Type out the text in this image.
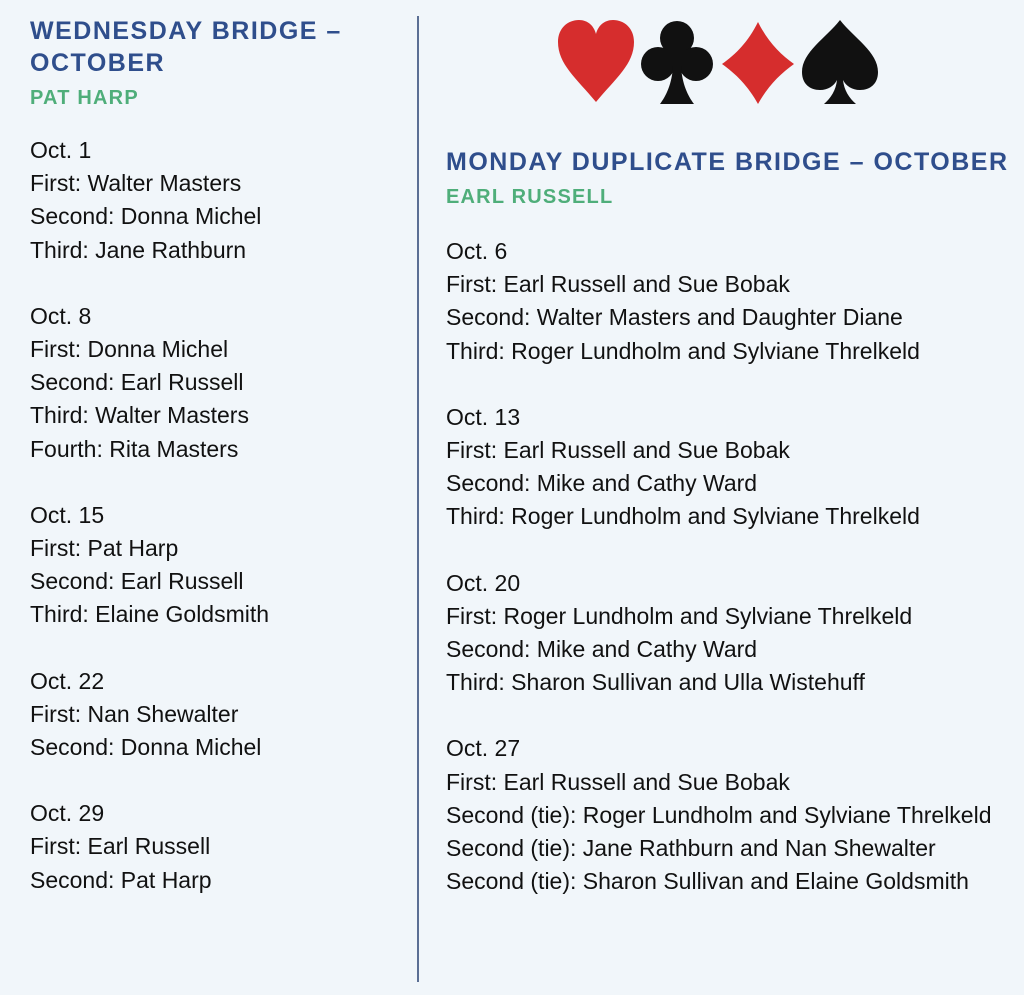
WEDNESDAY BRIDGE – OCTOBER
PAT HARP
Oct. 1
First: Walter Masters
Second: Donna Michel
Third: Jane Rathburn
Oct. 8
First: Donna Michel
Second: Earl Russell
Third: Walter Masters
Fourth: Rita Masters
Oct. 15
First: Pat Harp
Second: Earl Russell
Third: Elaine Goldsmith
Oct. 22
First: Nan Shewalter
Second: Donna Michel
Oct. 29
First: Earl Russell
Second: Pat Harp
MONDAY DUPLICATE BRIDGE – OCTOBER
EARL RUSSELL
Oct. 6
First: Earl Russell and Sue Bobak
Second: Walter Masters and Daughter Diane
Third: Roger Lundholm and Sylviane Threlkeld
Oct. 13
First: Earl Russell and Sue Bobak
Second: Mike and Cathy Ward
Third: Roger Lundholm and Sylviane Threlkeld
Oct. 20
First: Roger Lundholm and Sylviane Threlkeld
Second: Mike and Cathy Ward
Third: Sharon Sullivan and Ulla Wistehuff
Oct. 27
First: Earl Russell and Sue Bobak
Second (tie): Roger Lundholm and Sylviane Threlkeld
Second (tie): Jane Rathburn and Nan Shewalter
Second (tie): Sharon Sullivan and Elaine Goldsmith
